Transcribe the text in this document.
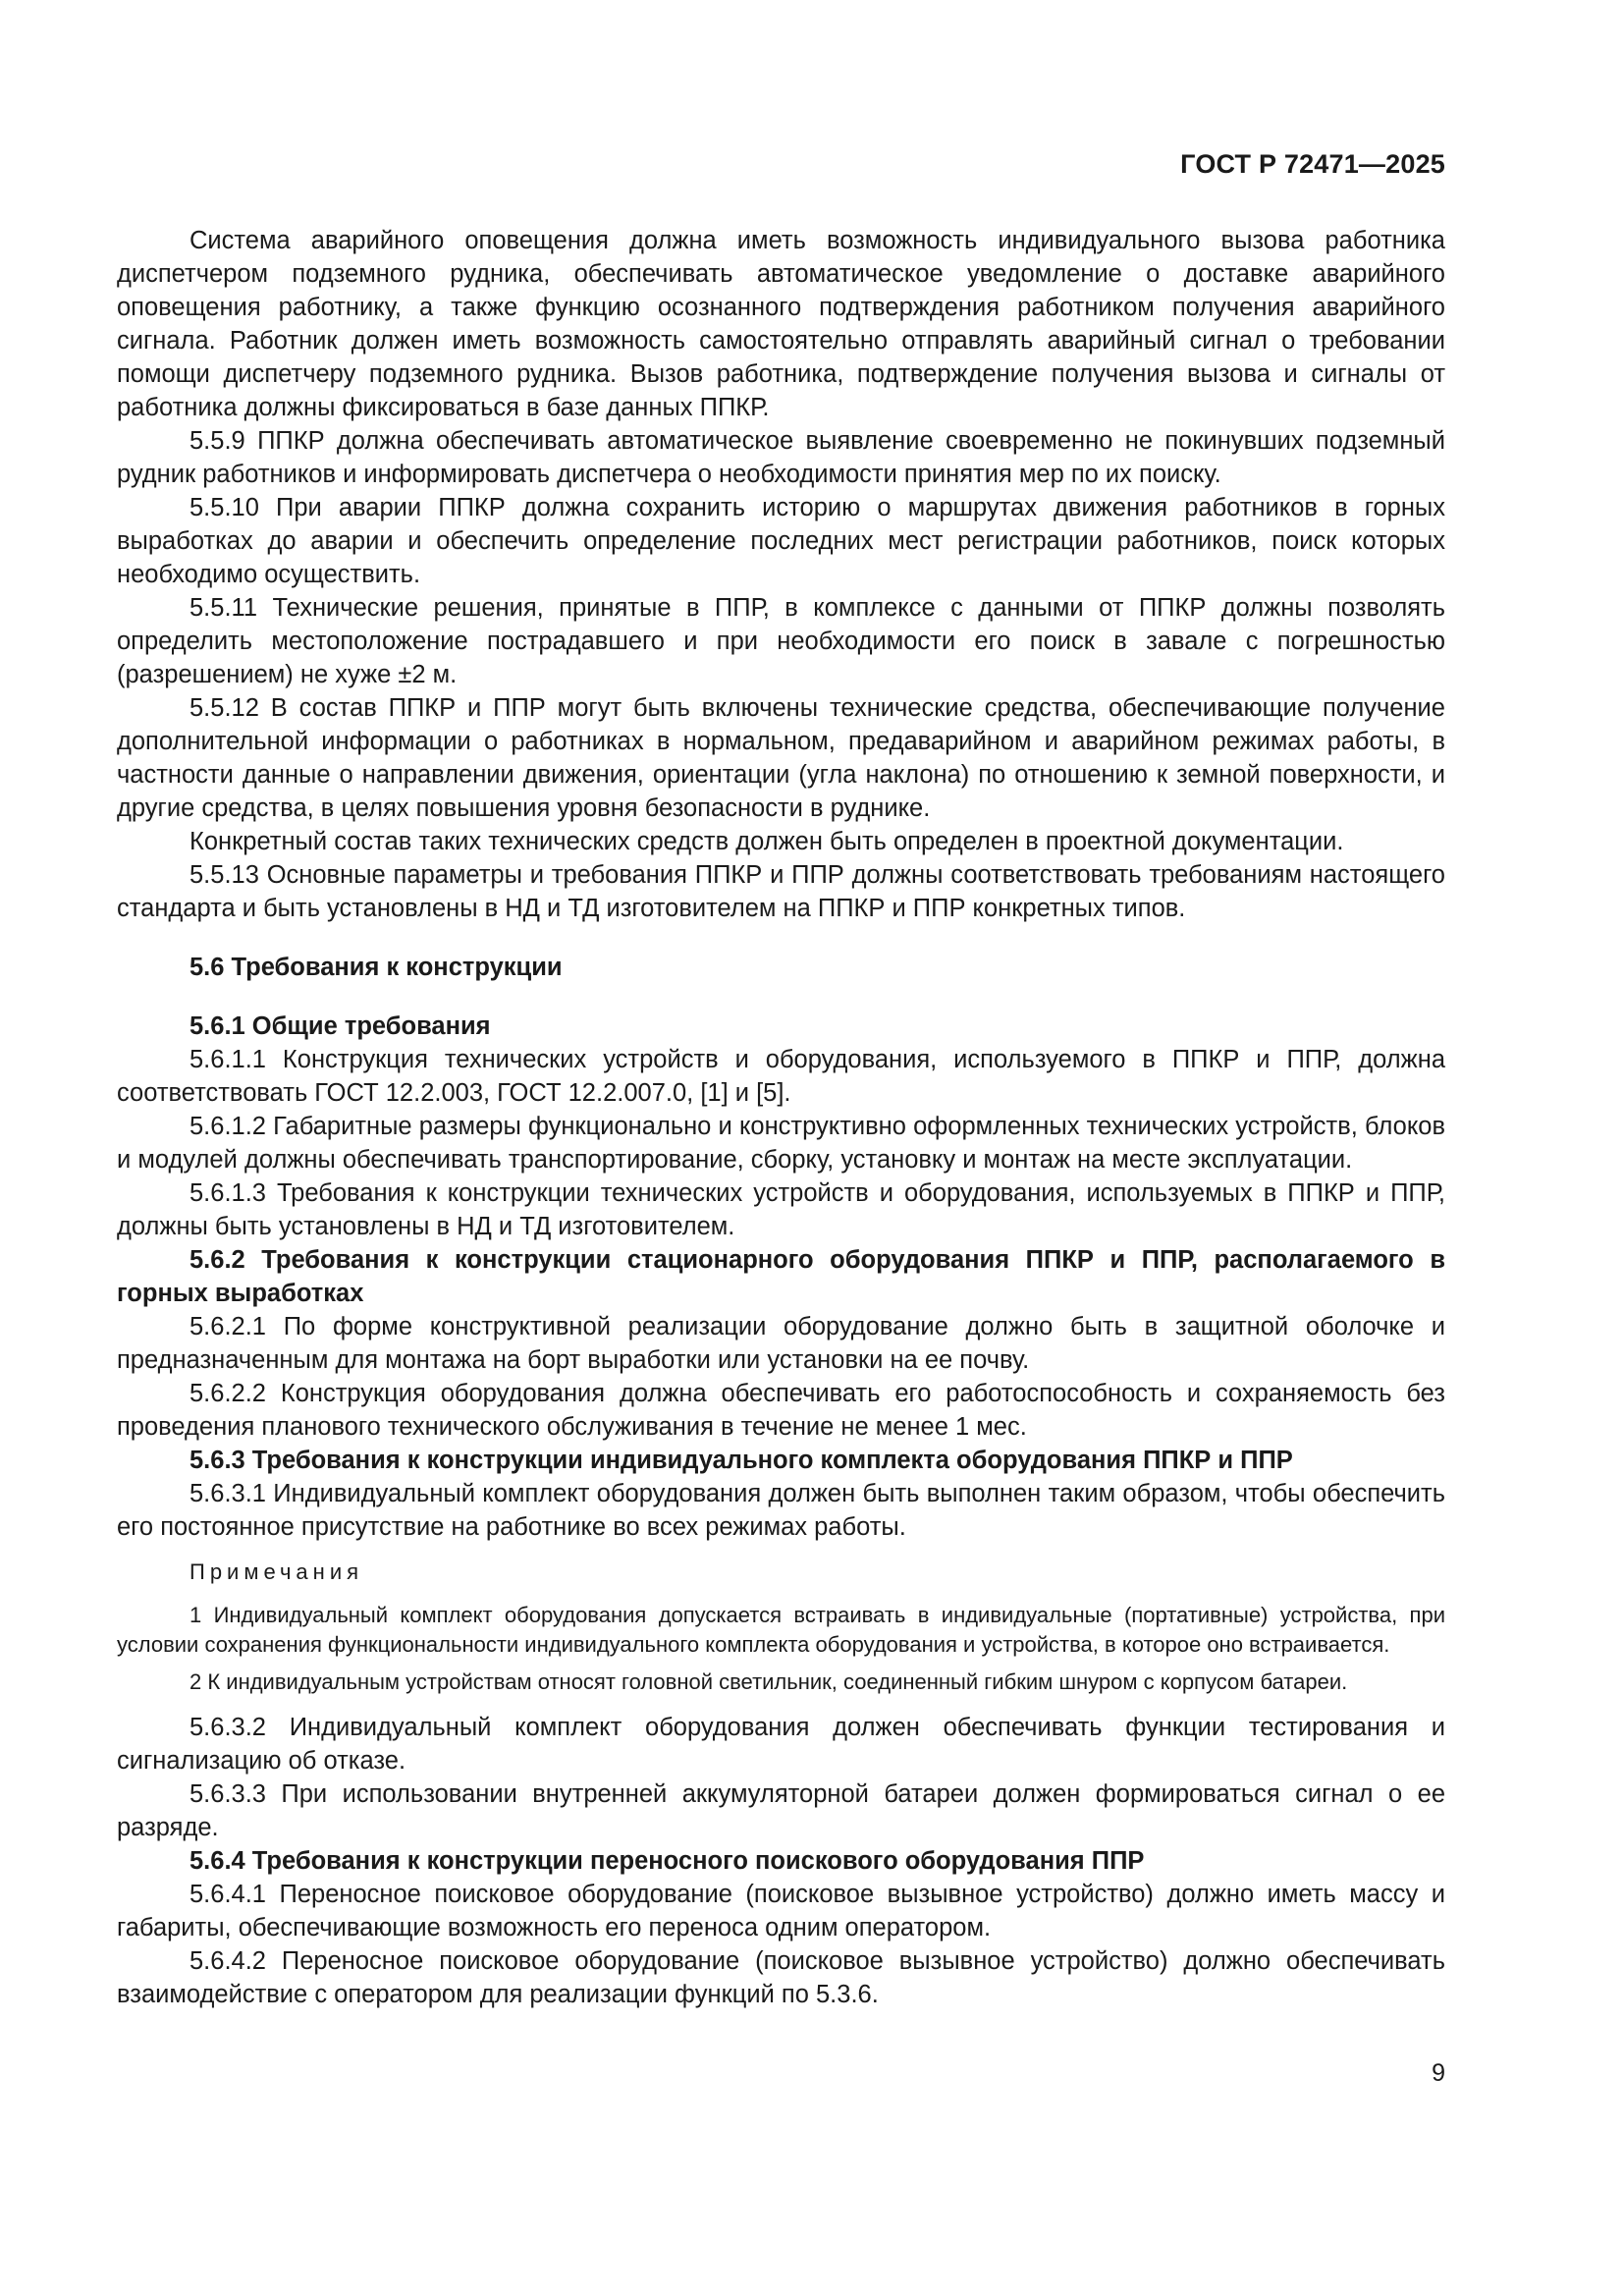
ГОСТ Р 72471—2025

Система аварийного оповещения должна иметь возможность индивидуального вызова работника диспетчером подземного рудника, обеспечивать автоматическое уведомление о доставке аварийного оповещения работнику, а также функцию осознанного подтверждения работником получения аварийного сигнала. Работник должен иметь возможность самостоятельно отправлять аварийный сигнал о требовании помощи диспетчеру подземного рудника. Вызов работника, подтверждение получения вызова и сигналы от работника должны фиксироваться в базе данных ППКР.

5.5.9 ППКР должна обеспечивать автоматическое выявление своевременно не покинувших подземный рудник работников и информировать диспетчера о необходимости принятия мер по их поиску.

5.5.10 При аварии ППКР должна сохранить историю о маршрутах движения работников в горных выработках до аварии и обеспечить определение последних мест регистрации работников, поиск которых необходимо осуществить.

5.5.11 Технические решения, принятые в ППР, в комплексе с данными от ППКР должны позволять определить местоположение пострадавшего и при необходимости его поиск в завале с погрешностью (разрешением) не хуже ±2 м.

5.5.12 В состав ППКР и ППР могут быть включены технические средства, обеспечивающие получение дополнительной информации о работниках в нормальном, предаварийном и аварийном режимах работы, в частности данные о направлении движения, ориентации (угла наклона) по отношению к земной поверхности, и другие средства, в целях повышения уровня безопасности в руднике.

Конкретный состав таких технических средств должен быть определен в проектной документации.

5.5.13 Основные параметры и требования ППКР и ППР должны соответствовать требованиям настоящего стандарта и быть установлены в НД и ТД изготовителем на ППКР и ППР конкретных типов.

5.6 Требования к конструкции

5.6.1 Общие требования

5.6.1.1 Конструкция технических устройств и оборудования, используемого в ППКР и ППР, должна соответствовать ГОСТ 12.2.003, ГОСТ 12.2.007.0, [1] и [5].

5.6.1.2 Габаритные размеры функционально и конструктивно оформленных технических устройств, блоков и модулей должны обеспечивать транспортирование, сборку, установку и монтаж на месте эксплуатации.

5.6.1.3 Требования к конструкции технических устройств и оборудования, используемых в ППКР и ППР, должны быть установлены в НД и ТД изготовителем.

5.6.2 Требования к конструкции стационарного оборудования ППКР и ППР, располагаемого в горных выработках

5.6.2.1 По форме конструктивной реализации оборудование должно быть в защитной оболочке и предназначенным для монтажа на борт выработки или установки на ее почву.

5.6.2.2 Конструкция оборудования должна обеспечивать его работоспособность и сохраняемость без проведения планового технического обслуживания в течение не менее 1 мес.

5.6.3 Требования к конструкции индивидуального комплекта оборудования ППКР и ППР

5.6.3.1 Индивидуальный комплект оборудования должен быть выполнен таким образом, чтобы обеспечить его постоянное присутствие на работнике во всех режимах работы.

Примечания

1 Индивидуальный комплект оборудования допускается встраивать в индивидуальные (портативные) устройства, при условии сохранения функциональности индивидуального комплекта оборудования и устройства, в которое оно встраивается.

2 К индивидуальным устройствам относят головной светильник, соединенный гибким шнуром с корпусом батареи.

5.6.3.2 Индивидуальный комплект оборудования должен обеспечивать функции тестирования и сигнализацию об отказе.

5.6.3.3 При использовании внутренней аккумуляторной батареи должен формироваться сигнал о ее разряде.

5.6.4 Требования к конструкции переносного поискового оборудования ППР

5.6.4.1 Переносное поисковое оборудование (поисковое вызывное устройство) должно иметь массу и габариты, обеспечивающие возможность его переноса одним оператором.

5.6.4.2 Переносное поисковое оборудование (поисковое вызывное устройство) должно обеспечивать взаимодействие с оператором для реализации функций по 5.3.6.

9
